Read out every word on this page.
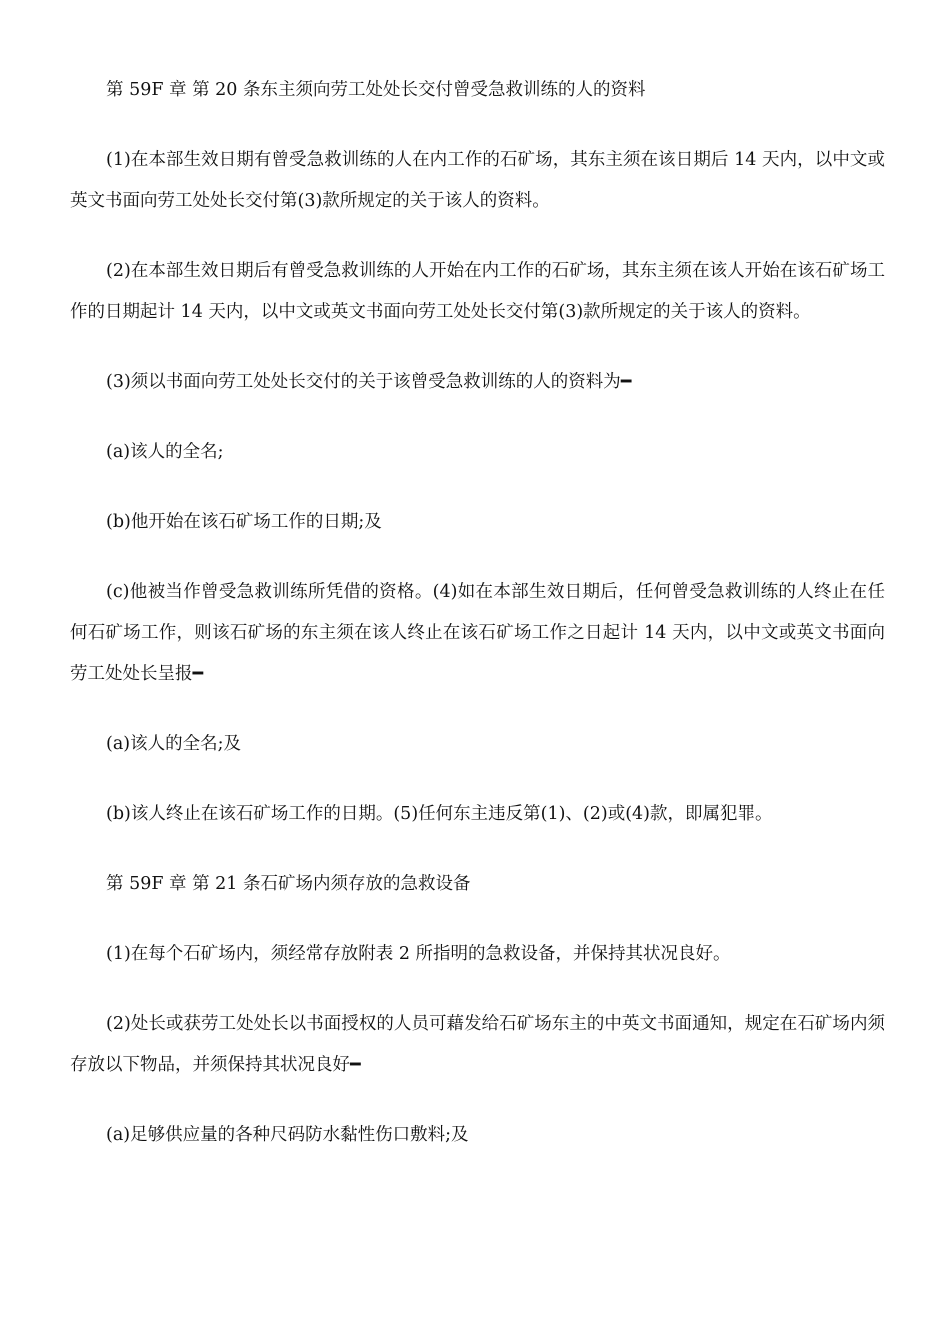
第 59F 章 第 20 条东主须向劳工处处长交付曾受急救训练的人的资料

(1)在本部生效日期有曾受急救训练的人在内工作的石矿场，其东主须在该日期后 14 天内，以中文或英文书面向劳工处处长交付第(3)款所规定的关于该人的资料。

(2)在本部生效日期后有曾受急救训练的人开始在内工作的石矿场，其东主须在该人开始在该石矿场工作的日期起计 14 天内，以中文或英文书面向劳工处处长交付第(3)款所规定的关于该人的资料。

(3)须以书面向劳工处处长交付的关于该曾受急救训练的人的资料为━

(a)该人的全名;

(b)他开始在该石矿场工作的日期;及

(c)他被当作曾受急救训练所凭借的资格。(4)如在本部生效日期后，任何曾受急救训练的人终止在任何石矿场工作，则该石矿场的东主须在该人终止在该石矿场工作之日起计 14 天内，以中文或英文书面向劳工处处长呈报━

(a)该人的全名;及

(b)该人终止在该石矿场工作的日期。(5)任何东主违反第(1)、(2)或(4)款，即属犯罪。

第 59F 章 第 21 条石矿场内须存放的急救设备

(1)在每个石矿场内，须经常存放附表 2 所指明的急救设备，并保持其状况良好。

(2)处长或获劳工处处长以书面授权的人员可藉发给石矿场东主的中英文书面通知，规定在石矿场内须存放以下物品，并须保持其状况良好━

(a)足够供应量的各种尺码防水黏性伤口敷料;及
